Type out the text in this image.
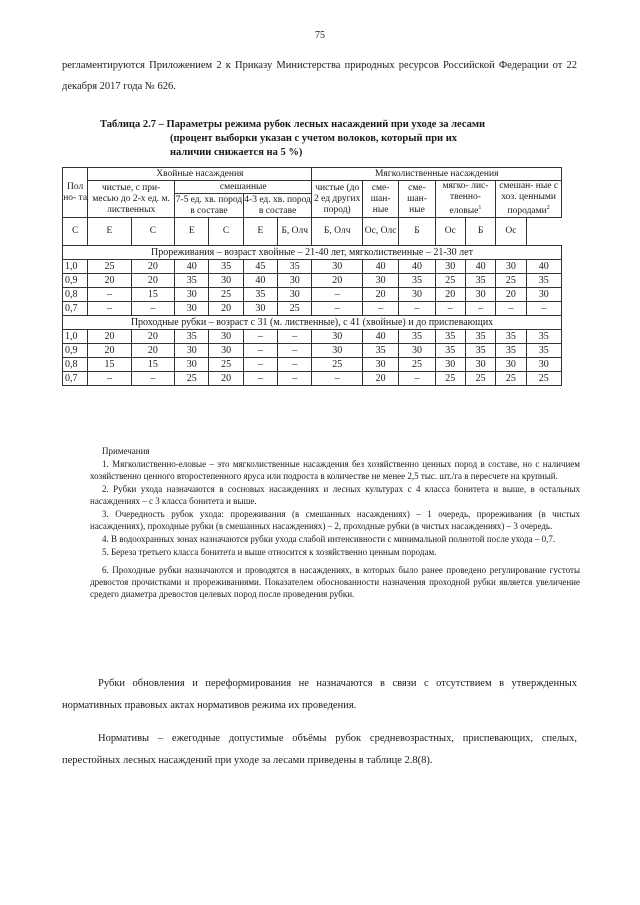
75

регламентируются Приложением 2 к Приказу Министерства природных ресурсов Российской Федерации от 22 декабря 2017 года № 626.

Таблица 2.7 – Параметры режима рубок лесных насаждений при уходе за лесами
(процент выборки указан с учетом волоков, который при их
наличии снижается на 5 %)
Пол но- та	Хвойные насаждения						Мягколиственные насаждения						
	чистые, с при- месью до 2-х ед. м. лиственных		смешанные				чистые (до 2 ед других пород)	сме- шан- ные	сме- шан- ные	мягко- лис- твенно- еловые$^1$		смешан- ные с хоз. ценными породами$^2$
			7-5 ед. хв. пород в составе		4-3 ед. хв. пород в составе								

С	Е	С	Е	С	Е	Б, Олч	Б, Олч	Ос, Олс	Б	Ос	Б	Ос	
Прореживания – возраст хвойные – 21-40 лет, мягколиственные – 21-30 лет													
1,0	25	20	40	35	45	35	30	40	40	30	40	30	40
0,9	20	20	35	30	40	30	20	30	35	25	35	25	35
0,8	–	15	30	25	35	30	–	20	30	20	30	20	30
0,7	–	–	30	20	30	25	–	–	–	–	–	–	–
Проходные рубки – возраст с 31 (м. лиственные), с 41 (хвойные) и до приспевающих													
1,0	20	20	35	30	–	–	30	40	35	35	35	35	35
0,9	20	20	30	30	–	–	30	35	30	35	35	35	35
0,8	15	15	30	25	–	–	25	30	25	30	30	30	30
0,7	–	–	25	20	–	–	–	20	–	25	25	25	25

Примечания

1. Мягколиственно-еловые – это мягколиственные насаждения без хозяйственно ценных пород в составе, но с наличием хозяйственно ценного второстепенного яруса или подроста в количестве не менее 2,5 тыс. шт./га в пересчете на крупный.

2. Рубки ухода назначаются в сосновых насаждениях и лесных культурах с 4 класса бонитета и выше, в остальных насаждениях – с 3 класса бонитета и выше.

3. Очередность рубок ухода: прореживания (в смешанных насаждениях) – 1 очередь, прореживания (в чистых насаждениях), проходные рубки (в смешанных насаждениях) – 2, проходные рубки (в чистых насаждениях) – 3 очередь.

4. В водоохранных зонах назначаются рубки ухода слабой интенсивности с минимальной полнотой после ухода – 0,7.

5. Береза третьего класса бонитета и выше относится к хозяйственно ценным породам.

6. Проходные рубки назначаются и проводятся в насаждениях, в которых было ранее проведено регулирование густоты древостоя прочистками и прореживаниями. Показателем обоснованности назначения проходной рубки является увеличение средего диаметра древостоя целевых пород после проведения рубки.

Рубки обновления и переформирования не назначаются в связи с отсутствием в утвержденных нормативных правовых актах нормативов режима их проведения.

Нормативы – ежегодные допустимые объёмы рубок средневозрастных, приспевающих, спелых, перестойных лесных насаждений при уходе за лесами приведены в таблице 2.8(8).
